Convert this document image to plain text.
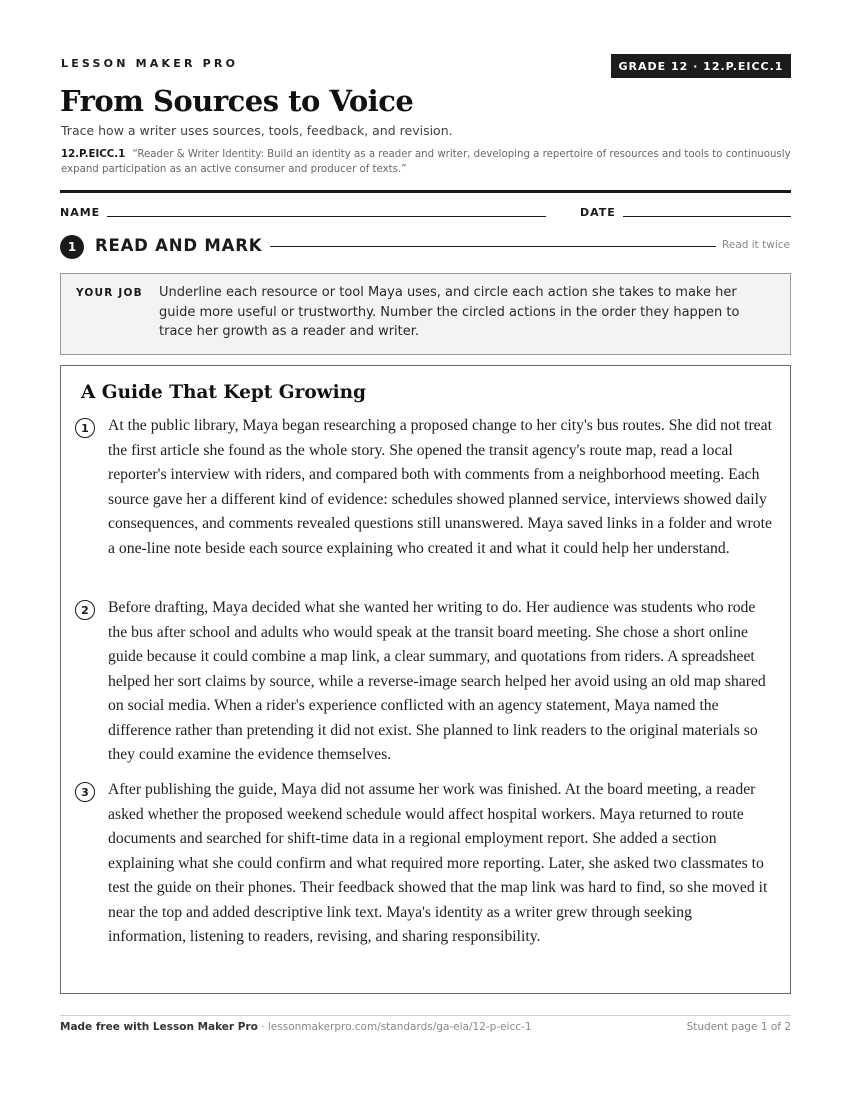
LESSON MAKER PRO	GRADE 12 · 12.P.EICC.1
From Sources to Voice
Trace how a writer uses sources, tools, feedback, and revision.
12.P.EICC.1 “Reader & Writer Identity: Build an identity as a reader and writer, developing a repertoire of resources and tools to continuously expand participation as an active consumer and producer of texts.”
NAME	DATE
1	READ AND MARK	Read it twice
YOUR JOB Underline each resource or tool Maya uses, and circle each action she takes to make her guide more useful or trustworthy. Number the circled actions in the order they happen to trace her growth as a reader and writer.
A Guide That Kept Growing
1	At the public library, Maya began researching a proposed change to her city's bus routes. She did not treat the first article she found as the whole story. She opened the transit agency's route map, read a local reporter's interview with riders, and compared both with comments from a neighborhood meeting. Each source gave her a different kind of evidence: schedules showed planned service, interviews showed daily consequences, and comments revealed questions still unanswered. Maya saved links in a folder and wrote a one-line note beside each source explaining who created it and what it could help her understand.

2	Before drafting, Maya decided what she wanted her writing to do. Her audience was students who rode the bus after school and adults who would speak at the transit board meeting. She chose a short online guide because it could combine a map link, a clear summary, and quotations from riders. A spreadsheet helped her sort claims by source, while a reverse-image search helped her avoid using an old map shared on social media. When a rider's experience conflicted with an agency statement, Maya named the difference rather than pretending it did not exist. She planned to link readers to the original materials so they could examine the evidence themselves.

3	After publishing the guide, Maya did not assume her work was finished. At the board meeting, a reader asked whether the proposed weekend schedule would affect hospital workers. Maya returned to route documents and searched for shift-time data in a regional employment report. She added a section explaining what she could confirm and what required more reporting. Later, she asked two classmates to test the guide on their phones. Their feedback showed that the map link was hard to find, so she moved it near the top and added descriptive link text. Maya's identity as a writer grew through seeking information, listening to readers, revising, and sharing responsibility.

Made free with Lesson Maker Pro · lessonmakerpro.com/standards/ga-ela/12-p-eicc-1	Student page 1 of 2
